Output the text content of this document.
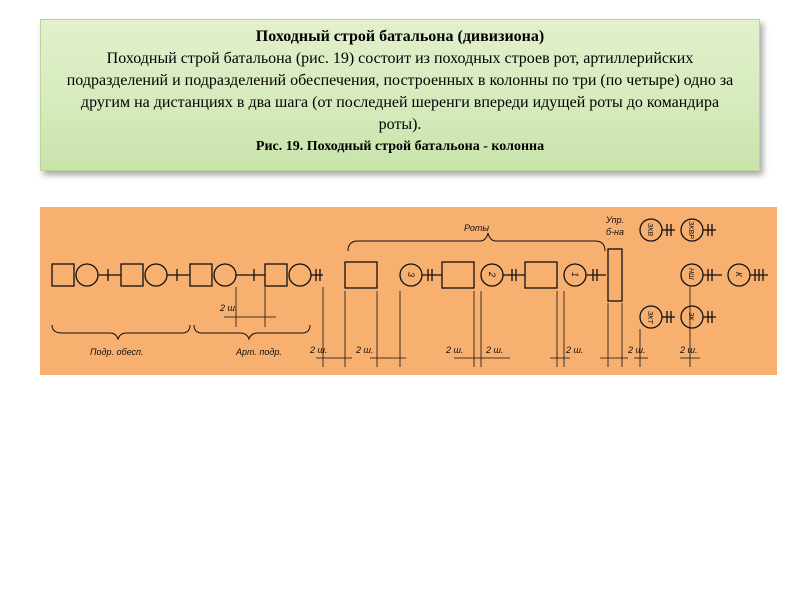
Походный строй батальона (дивизиона)
Походный строй батальона (рис. 19) состоит из походных строев рот, артиллерийских подразделений и подразделений обеспечения, построенных в колонны по три (по четыре) одно за другим на дистанциях в два шага (от последней шеренги впереди идущей роты до командира роты).
Рис. 19. Походный строй батальона - колонна
Роты
Упр.
б-на
Подр. обесп.	Арт. подр.
2 ш.
2 ш.	2 ш.	2 ш.	2 ш.	2 ш.	2 ш.	2 ш.
3	2	1
ЗКВ	ЗКВР
НШ	К
ЗКТ	ЗК
